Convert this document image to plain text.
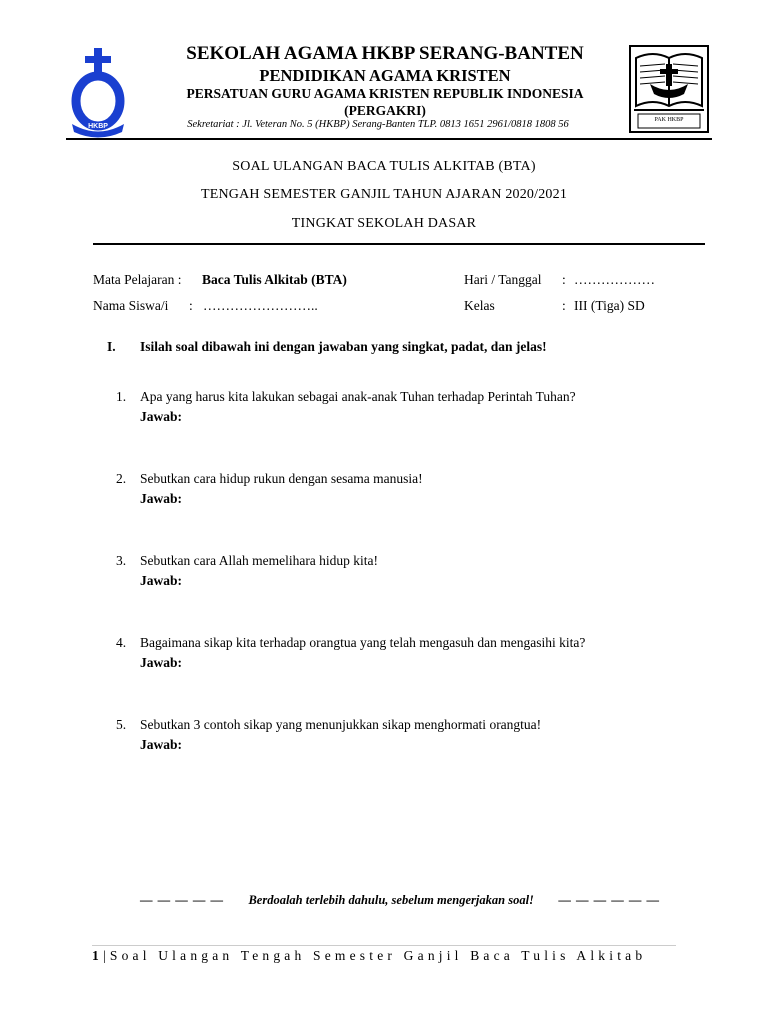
HKBP
PAK HKBP
SEKOLAH AGAMA HKBP SERANG-BANTEN
PENDIDIKAN AGAMA KRISTEN
PERSATUAN GURU AGAMA KRISTEN REPUBLIK INDONESIA
(PERGAKRI)
Sekretariat : Jl. Veteran No. 5 (HKBP) Serang-Banten TLP. 0813 1651 2961/0818 1808 56
SOAL ULANGAN BACA TULIS ALKITAB (BTA)
TENGAH SEMESTER GANJIL TAHUN AJARAN 2020/2021
TINGKAT SEKOLAH DASAR
Mata Pelajaran : Baca Tulis Alkitab (BTA)	Hari / Tanggal : ………………
Nama Siswa/i : ……………………..	Kelas	: III (Tiga) SD
I. Isilah soal dibawah ini dengan jawaban yang singkat, padat, dan jelas!
1. Apa yang harus kita lakukan sebagai anak-anak Tuhan terhadap Perintah Tuhan?
Jawab:
2. Sebutkan cara hidup rukun dengan sesama manusia!
Jawab:
3. Sebutkan cara Allah memelihara hidup kita!
Jawab:
4. Bagaimana sikap kita terhadap orangtua yang telah mengasuh dan mengasihi kita?
Jawab:
5. Sebutkan 3 contoh sikap yang menunjukkan sikap menghormati orangtua!
Jawab:
— — — — — Berdoalah terlebih dahulu, sebelum mengerjakan soal! — — — — — —
1|Soal Ulangan Tengah Semester Ganjil Baca Tulis Alkitab
